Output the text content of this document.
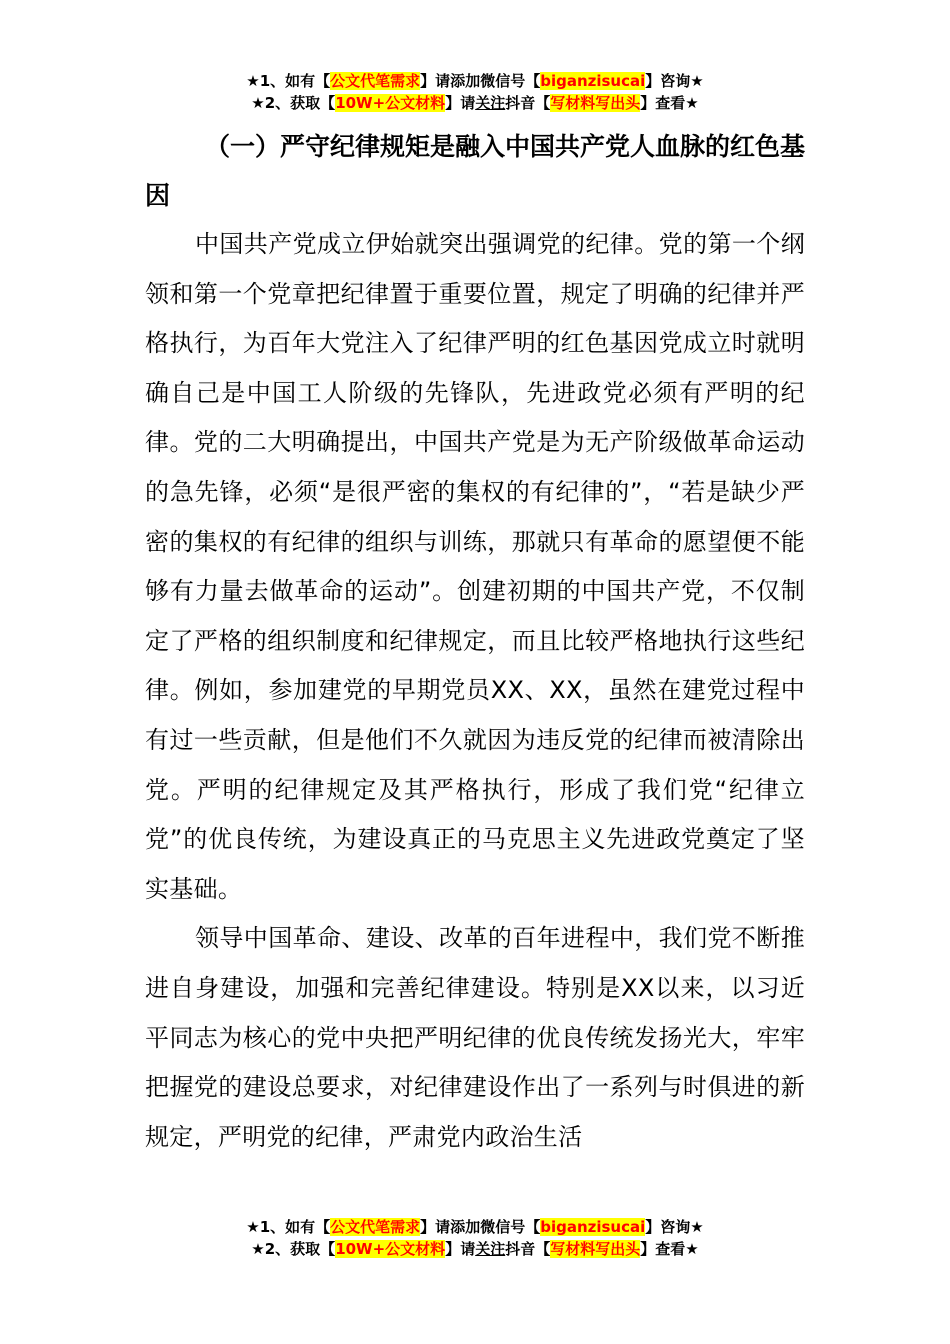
★1、如有【公文代笔需求】请添加微信号【biganzisucai】咨询★
★2、获取【10W+公文材料】请关注抖音【写材料写出头】查看★

（一）严守纪律规矩是融入中国共产党人血脉的红色基因

中国共产党成立伊始就突出强调党的纪律。党的第一个纲领和第一个党章把纪律置于重要位置，规定了明确的纪律并严格执行，为百年大党注入了纪律严明的红色基因党成立时就明确自己是中国工人阶级的先锋队，先进政党必须有严明的纪律。党的二大明确提出，中国共产党是为无产阶级做革命运动的急先锋，必须“是很严密的集权的有纪律的”，“若是缺少严密的集权的有纪律的组织与训练，那就只有革命的愿望便不能够有力量去做革命的运动”。创建初期的中国共产党，不仅制定了严格的组织制度和纪律规定，而且比较严格地执行这些纪律。例如，参加建党的早期党员XX、XX，虽然在建党过程中有过一些贡献，但是他们不久就因为违反党的纪律而被清除出党。严明的纪律规定及其严格执行，形成了我们党“纪律立党”的优良传统，为建设真正的马克思主义先进政党奠定了坚实基础。

领导中国革命、建设、改革的百年进程中，我们党不断推进自身建设，加强和完善纪律建设。特别是XX以来，以习近平同志为核心的党中央把严明纪律的优良传统发扬光大，牢牢把握党的建设总要求，对纪律建设作出了一系列与时俱进的新规定，严明党的纪律，严肃党内政治生活

★1、如有【公文代笔需求】请添加微信号【biganzisucai】咨询★
★2、获取【10W+公文材料】请关注抖音【写材料写出头】查看★
